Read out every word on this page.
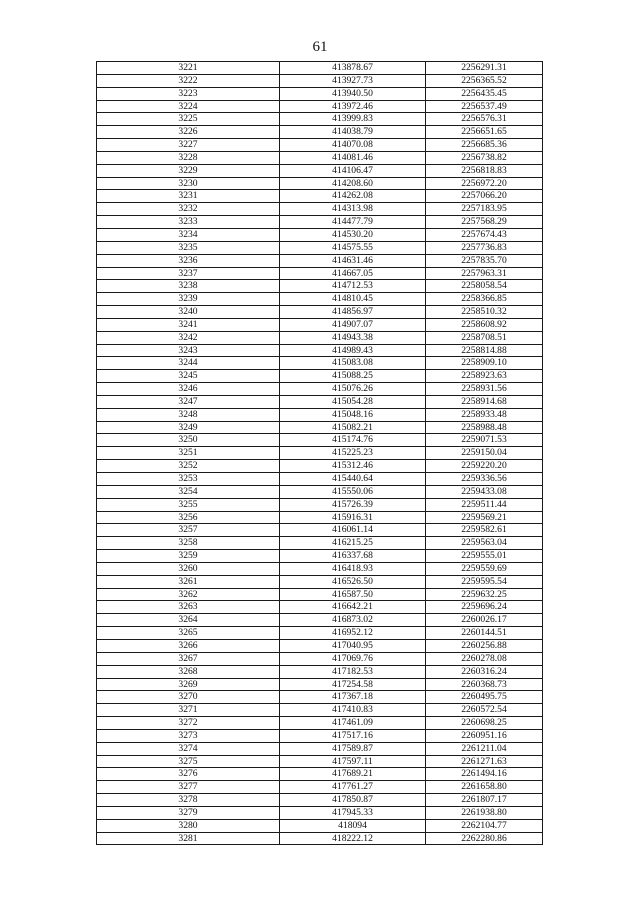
61
3221	413878.67	2256291.31
3222	413927.73	2256365.52
3223	413940.50	2256435.45
3224	413972.46	2256537.49
3225	413999.83	2256576.31
3226	414038.79	2256651.65
3227	414070.08	2256685.36
3228	414081.46	2256738.82
3229	414106.47	2256818.83
3230	414208.60	2256972.20
3231	414262.08	2257066.20
3232	414313.98	2257183.95
3233	414477.79	2257568.29
3234	414530.20	2257674.43
3235	414575.55	2257736.83
3236	414631.46	2257835.70
3237	414667.05	2257963.31
3238	414712.53	2258058.54
3239	414810.45	2258366.85
3240	414856.97	2258510.32
3241	414907.07	2258608.92
3242	414943.38	2258708.51
3243	414989.43	2258814.88
3244	415083.08	2258909.10
3245	415088.25	2258923.63
3246	415076.26	2258931.56
3247	415054.28	2258914.68
3248	415048.16	2258933.48
3249	415082.21	2258988.48
3250	415174.76	2259071.53
3251	415225.23	2259150.04
3252	415312.46	2259220.20
3253	415440.64	2259336.56
3254	415550.06	2259433.08
3255	415726.39	2259511.44
3256	415916.31	2259569.21
3257	416061.14	2259582.61
3258	416215.25	2259563.04
3259	416337.68	2259555.01
3260	416418.93	2259559.69
3261	416526.50	2259595.54
3262	416587.50	2259632.25
3263	416642.21	2259696.24
3264	416873.02	2260026.17
3265	416952.12	2260144.51
3266	417040.95	2260256.88
3267	417069.76	2260278.08
3268	417182.53	2260316.24
3269	417254.58	2260368.73
3270	417367.18	2260495.75
3271	417410.83	2260572.54
3272	417461.09	2260698.25
3273	417517.16	2260951.16
3274	417589.87	2261211.04
3275	417597.11	2261271.63
3276	417689.21	2261494.16
3277	417761.27	2261658.80
3278	417850.87	2261807.17
3279	417945.33	2261938.80
3280	418094	2262104.77
3281	418222.12	2262280.86
